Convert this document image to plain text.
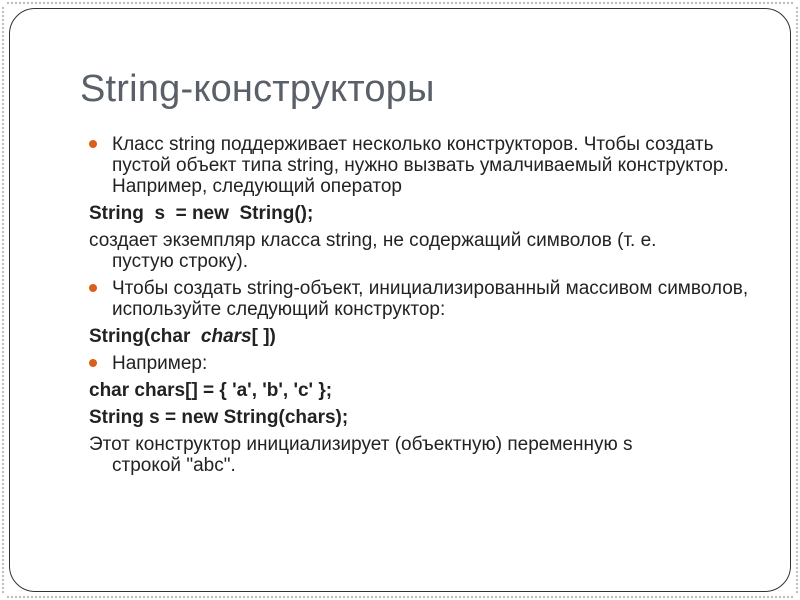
String-конструкторы
Класс string поддерживает несколько конструкторов. Чтобы создать пустой объект типа string, нужно вызвать умалчиваемый конструктор. Например, следующий оператор
String  s  = new  String();
создает экземпляр класса string, не содержащий символов (т. е.
пустую строку).
Чтобы создать string-объект, инициализированный массивом символов, используйте следующий конструктор:
String(char  chars[ ])
Например:
char chars[] = { 'a', 'b', 'c' };
String s = new String(chars);
Этот конструктор инициализирует (объектную) переменную s
строкой "abc".
